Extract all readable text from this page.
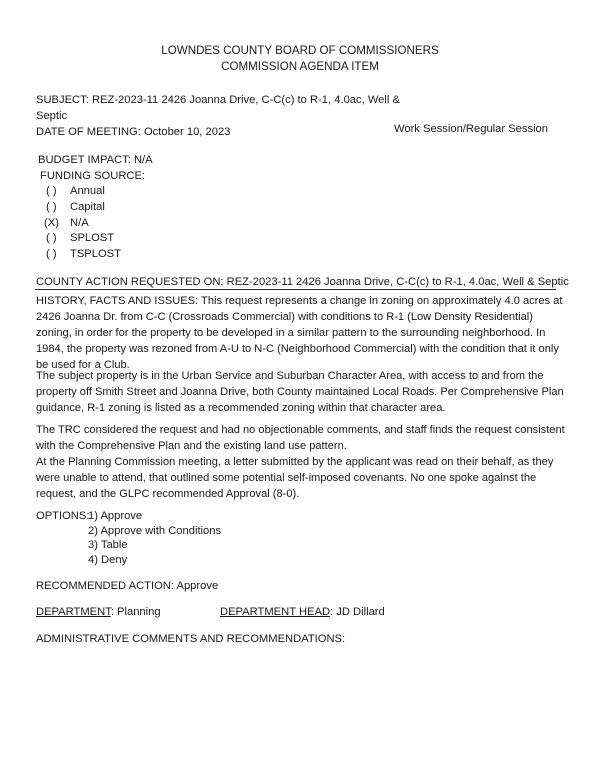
LOWNDES COUNTY BOARD OF COMMISSIONERS
COMMISSION AGENDA ITEM
SUBJECT: REZ-2023-11 2426 Joanna Drive, C-C(c) to R-1, 4.0ac, Well &
Septic
DATE OF MEETING: October 10, 2023	Work Session/Regular Session
BUDGET IMPACT: N/A
FUNDING SOURCE:
( ) Annual
( ) Capital
(X) N/A
( ) SPLOST
( ) TSPLOST
COUNTY ACTION REQUESTED ON: REZ-2023-11 2426 Joanna Drive, C-C(c) to R-1, 4.0ac, Well & Septic
HISTORY, FACTS AND ISSUES: This request represents a change in zoning on approximately 4.0 acres at 2426 Joanna Dr. from C-C (Crossroads Commercial) with conditions to R-1 (Low Density Residential) zoning, in order for the property to be developed in a similar pattern to the surrounding neighborhood. In 1984, the property was rezoned from A-U to N-C (Neighborhood Commercial) with the condition that it only be used for a Club.
The subject property is in the Urban Service and Suburban Character Area, with access to and from the property off Smith Street and Joanna Drive, both County maintained Local Roads. Per Comprehensive Plan guidance, R-1 zoning is listed as a recommended zoning within that character area.
The TRC considered the request and had no objectionable comments, and staff finds the request consistent with the Comprehensive Plan and the existing land use pattern.
At the Planning Commission meeting, a letter submitted by the applicant was read on their behalf, as they were unable to attend, that outlined some potential self-imposed covenants. No one spoke against the request, and the GLPC recommended Approval (8-0).
OPTIONS:
1) Approve
2) Approve with Conditions
3) Table
4) Deny
RECOMMENDED ACTION: Approve
DEPARTMENT: Planning	DEPARTMENT HEAD: JD Dillard
ADMINISTRATIVE COMMENTS AND RECOMMENDATIONS:
